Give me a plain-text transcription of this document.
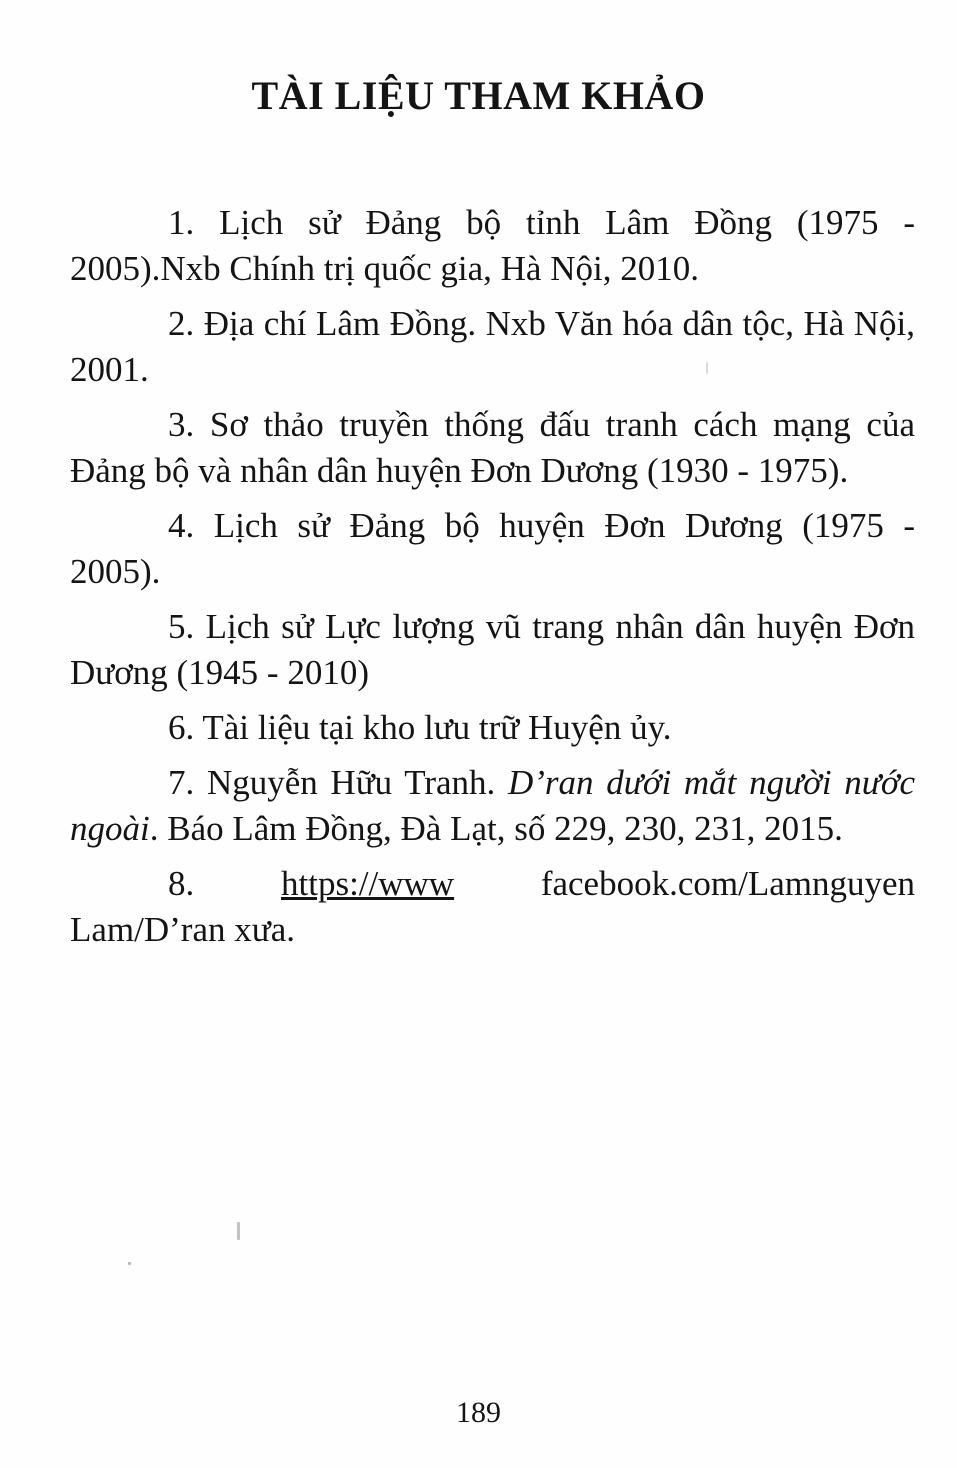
TÀI LIỆU THAM KHẢO

1. Lịch sử Đảng bộ tỉnh Lâm Đồng (1975 - 2005).Nxb Chính trị quốc gia, Hà Nội, 2010.

2. Địa chí Lâm Đồng. Nxb Văn hóa dân tộc, Hà Nội, 2001.

3. Sơ thảo truyền thống đấu tranh cách mạng của Đảng bộ và nhân dân huyện Đơn Dương (1930 - 1975).

4. Lịch sử Đảng bộ huyện Đơn Dương (1975 - 2005).

5. Lịch sử Lực lượng vũ trang nhân dân huyện Đơn Dương (1945 - 2010)

6. Tài liệu tại kho lưu trữ Huyện ủy.

7. Nguyễn Hữu Tranh. D’ran dưới mắt người nước ngoài. Báo Lâm Đồng, Đà Lạt, số 229, 230, 231, 2015.

8. https://www facebook.com/Lamnguyen
Lam/D’ran xưa.

189
